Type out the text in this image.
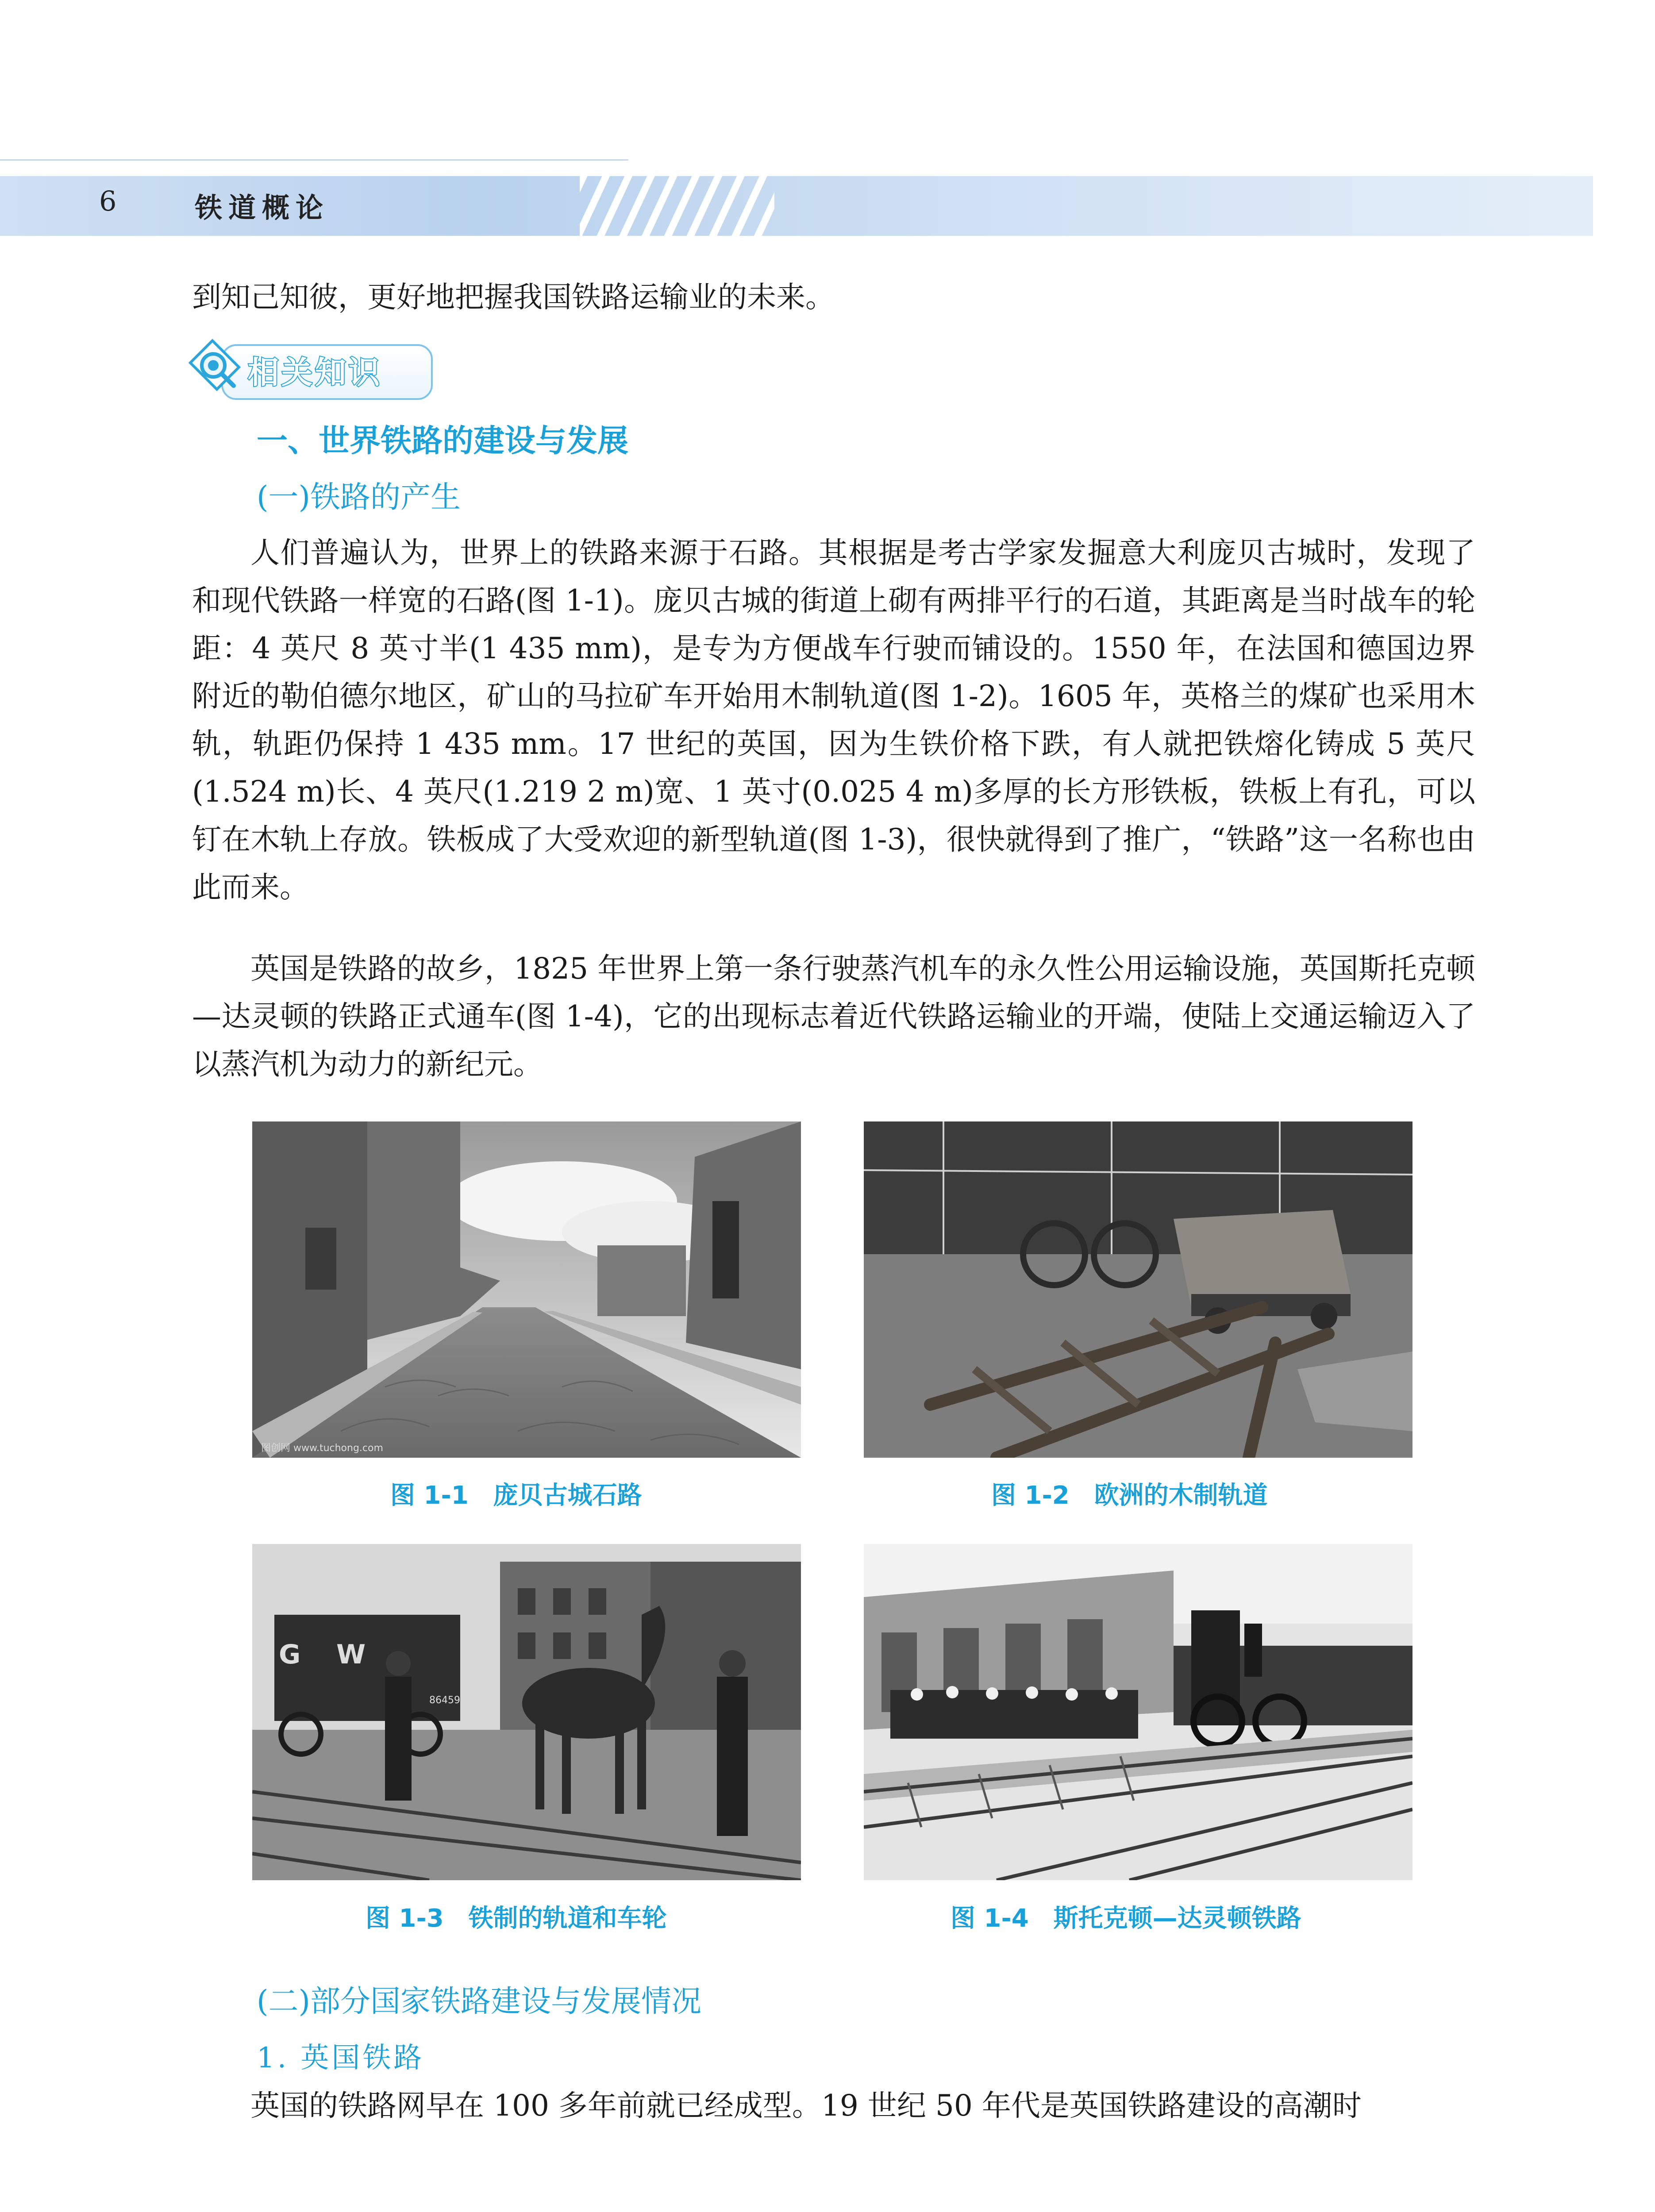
6	铁道概论
到知己知彼，更好地把握我国铁路运输业的未来。
相关知识
一、世界铁路的建设与发展
(一)铁路的产生
人们普遍认为，世界上的铁路来源于石路。其根据是考古学家发掘意大利庞贝古城时，发现了和现代铁路一样宽的石路(图 1-1)。庞贝古城的街道上砌有两排平行的石道，其距离是当时战车的轮距：4 英尺 8 英寸半(1 435 mm)，是专为方便战车行驶而铺设的。1550 年，在法国和德国边界附近的勒伯德尔地区，矿山的马拉矿车开始用木制轨道(图 1-2)。1605 年，英格兰的煤矿也采用木轨，轨距仍保持 1 435 mm。17 世纪的英国，因为生铁价格下跌，有人就把铁熔化铸成 5 英尺(1.524 m)长、4 英尺(1.219 2 m)宽、1 英寸(0.025 4 m)多厚的长方形铁板，铁板上有孔，可以钉在木轨上存放。铁板成了大受欢迎的新型轨道(图 1-3)，很快就得到了推广，“铁路”这一名称也由此而来。
英国是铁路的故乡，1825 年世界上第一条行驶蒸汽机车的永久性公用运输设施，英国斯托克顿—达灵顿的铁路正式通车(图 1-4)，它的出现标志着近代铁路运输业的开端，使陆上交通运输迈入了以蒸汽机为动力的新纪元。
图创网 www.tuchong.com
图 1-1　庞贝古城石路	图 1-2　欧洲的木制轨道
G W
86459
图 1-3　铁制的轨道和车轮	图 1-4　斯托克顿—达灵顿铁路
(二)部分国家铁路建设与发展情况
1. 英国铁路
英国的铁路网早在 100 多年前就已经成型。19 世纪 50 年代是英国铁路建设的高潮时
